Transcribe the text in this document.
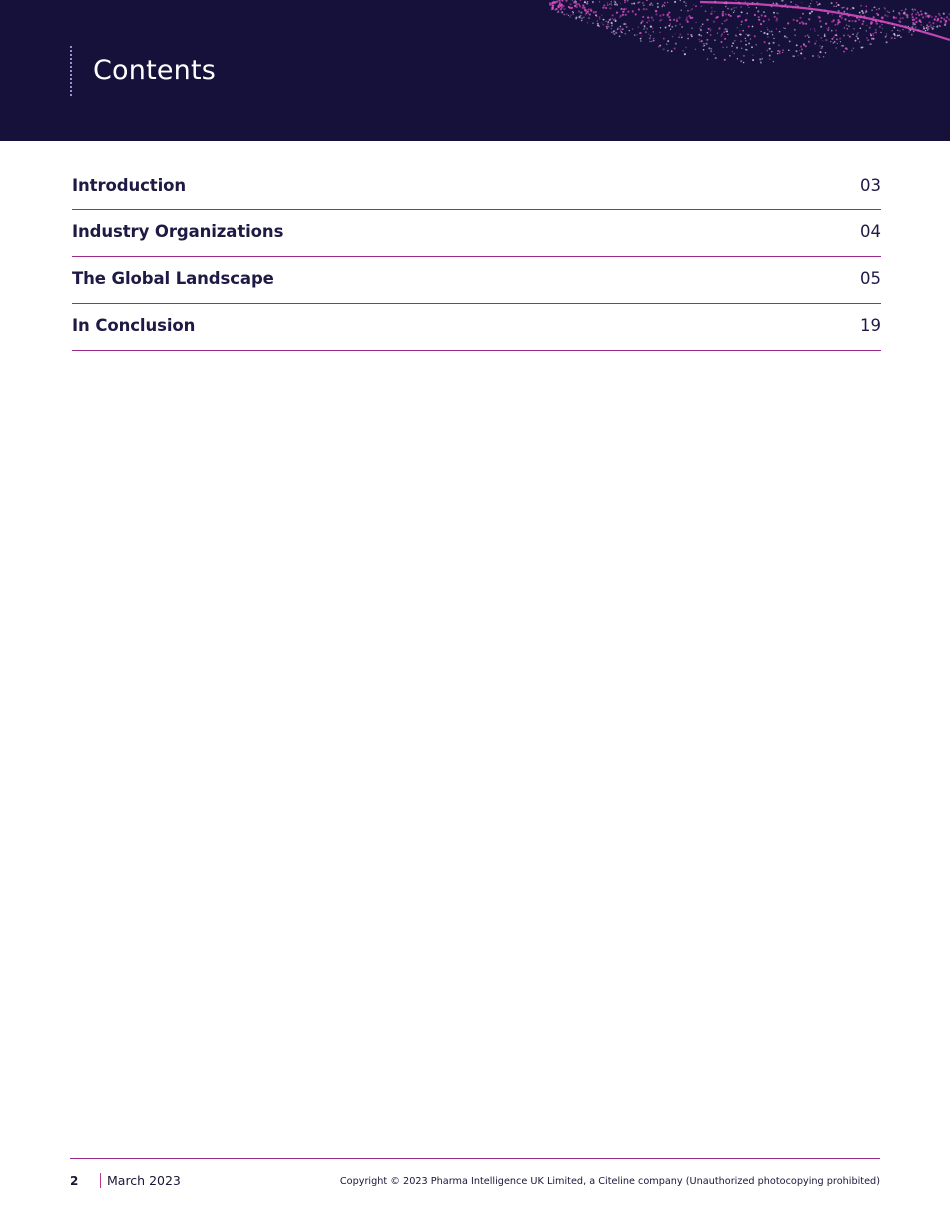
Contents
Introduction	03
Industry Organizations	04
The Global Landscape	05
In Conclusion	19
2 March 2023	Copyright © 2023 Pharma Intelligence UK Limited, a Citeline company (Unauthorized photocopying prohibited)
